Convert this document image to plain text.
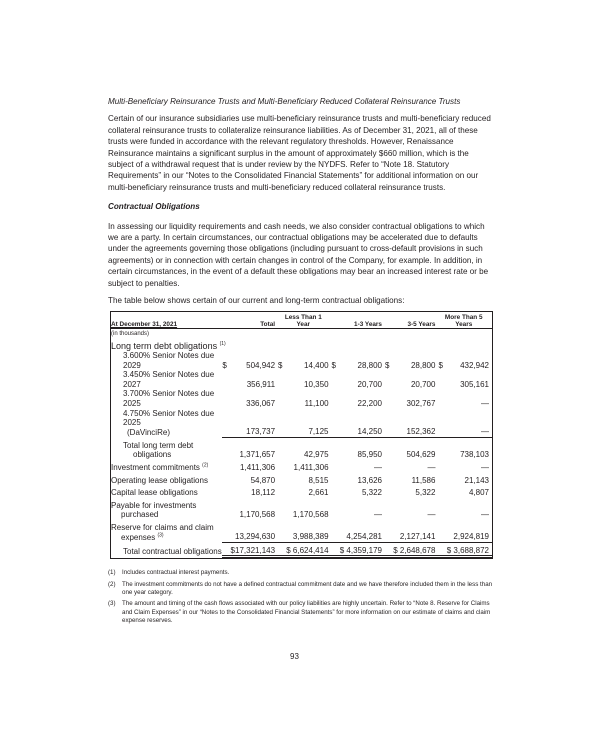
Multi-Beneficiary Reinsurance Trusts and Multi-Beneficiary Reduced Collateral Reinsurance Trusts
Certain of our insurance subsidiaries use multi-beneficiary reinsurance trusts and multi-beneficiary reduced collateral reinsurance trusts to collateralize reinsurance liabilities. As of December 31, 2021, all of these trusts were funded in accordance with the relevant regulatory thresholds. However, Renaissance Reinsurance maintains a significant surplus in the amount of approximately $660 million, which is the subject of a withdrawal request that is under review by the NYDFS. Refer to “Note 18. Statutory Requirements” in our “Notes to the Consolidated Financial Statements” for additional information on our multi-beneficiary reinsurance trusts and multi-beneficiary reduced collateral reinsurance trusts.
Contractual Obligations
In assessing our liquidity requirements and cash needs, we also consider contractual obligations to which we are a party. In certain circumstances, our contractual obligations may be accelerated due to defaults under the agreements governing those obligations (including pursuant to cross-default provisions in such agreements) or in connection with certain changes in control of the Company, for example. In addition, in certain circumstances, in the event of a default these obligations may bear an increased interest rate or be subject to penalties.
The table below shows certain of our current and long-term contractual obligations:
At December 31, 2021	Total		Less Than 1 Year		1-3 Years		3-5 Years		More Than 5 Years	
(in thousands)										
Long term debt obligations $^{(1)}$
3.600% Senior Notes due 2029	$	504,942	$	14,400	$	28,800	$	28,800	$	432,942
3.450% Senior Notes due 2027		356,911		10,350		20,700		20,700		305,161
3.700% Senior Notes due 2025		336,067		11,100		22,200		302,767		—
4.750% Senior Notes due 2025
(DaVinciRe)		173,737		7,125		14,250		152,362		—
Total long term debt
obligations		1,371,657		42,975		85,950		504,629		738,103
Investment commitments $^{(2)}$		1,411,306		1,411,306		—		—		—
Operating lease obligations		54,870		8,515		13,626		11,586		21,143
Capital lease obligations		18,112		2,661		5,322		5,322		4,807
Payable for investments
purchased		1,170,568		1,170,568		—		—		—
Reserve for claims and claim
expenses $^{(3)}$		13,294,630		3,988,389		4,254,281		2,127,141		2,924,819
Total contractual obligations		$17,321,143		$ 6,624,414		$ 4,359,179		$ 2,648,678		$ 3,688,872
(1)	Includes contractual interest payments.
(2)	The investment commitments do not have a defined contractual commitment date and we have therefore included them in the less than one year category.
(3)	The amount and timing of the cash flows associated with our policy liabilities are highly uncertain. Refer to “Note 8. Reserve for Claims and Claim Expenses” in our “Notes to the Consolidated Financial Statements” for more information on our estimate of claims and claim expense reserves.
93
